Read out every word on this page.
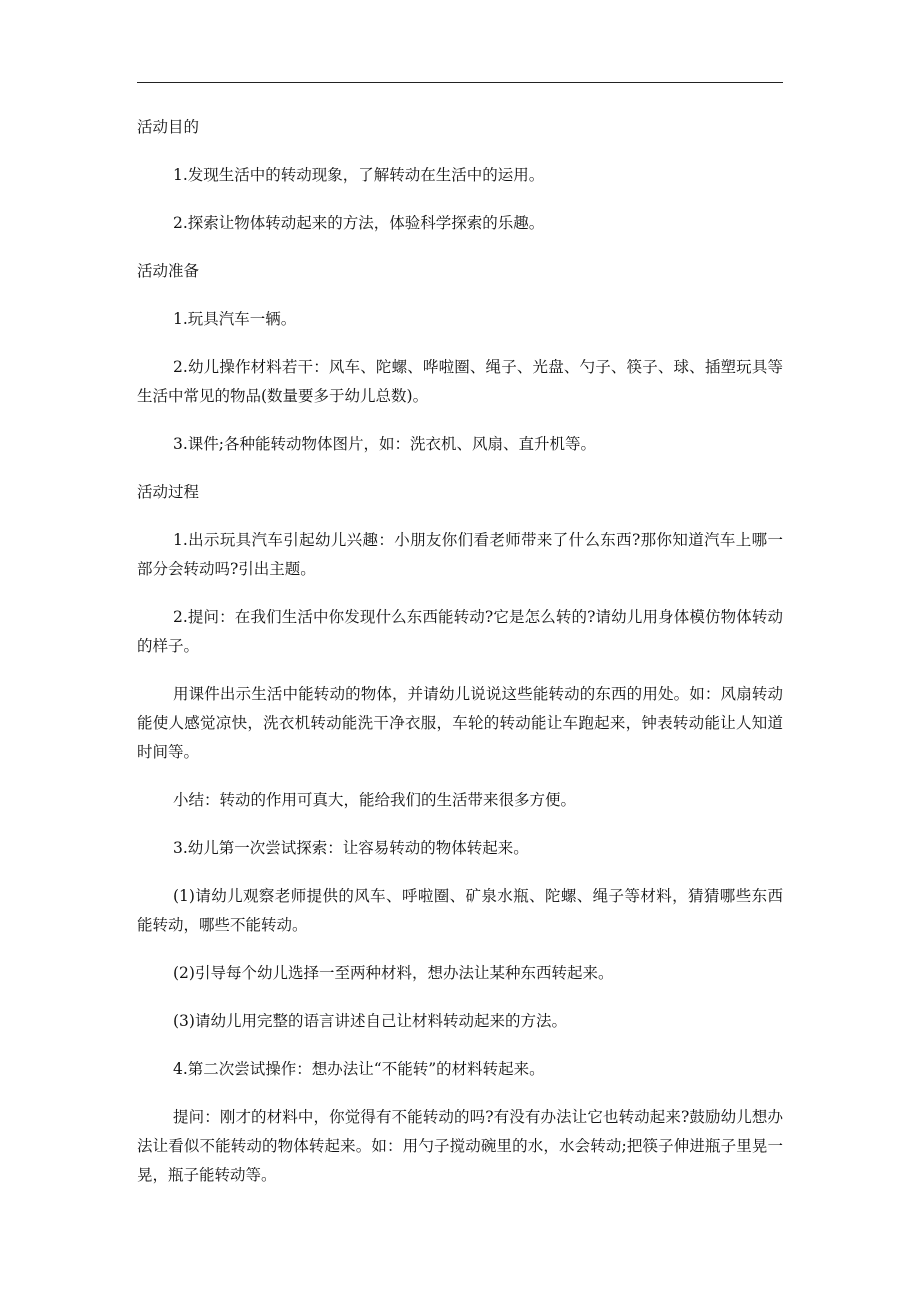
活动目的

1.发现生活中的转动现象，了解转动在生活中的运用。

2.探索让物体转动起来的方法，体验科学探索的乐趣。

活动准备

1.玩具汽车一辆。

2.幼儿操作材料若干：风车、陀螺、哗啦圈、绳子、光盘、勺子、筷子、球、插塑玩具等生活中常见的物品(数量要多于幼儿总数)。

3.课件;各种能转动物体图片，如：洗衣机、风扇、直升机等。

活动过程

1.出示玩具汽车引起幼儿兴趣：小朋友你们看老师带来了什么东西?那你知道汽车上哪一部分会转动吗?引出主题。

2.提问：在我们生活中你发现什么东西能转动?它是怎么转的?请幼儿用身体模仿物体转动的样子。

用课件出示生活中能转动的物体，并请幼儿说说这些能转动的东西的用处。如：风扇转动能使人感觉凉快，洗衣机转动能洗干净衣服，车轮的转动能让车跑起来，钟表转动能让人知道时间等。

小结：转动的作用可真大，能给我们的生活带来很多方便。

3.幼儿第一次尝试探索：让容易转动的物体转起来。

(1)请幼儿观察老师提供的风车、呼啦圈、矿泉水瓶、陀螺、绳子等材料，猜猜哪些东西能转动，哪些不能转动。

(2)引导每个幼儿选择一至两种材料，想办法让某种东西转起来。

(3)请幼儿用完整的语言讲述自己让材料转动起来的方法。

4.第二次尝试操作：想办法让“不能转”的材料转起来。

提问：刚才的材料中，你觉得有不能转动的吗?有没有办法让它也转动起来?鼓励幼儿想办法让看似不能转动的物体转起来。如：用勺子搅动碗里的水，水会转动;把筷子伸进瓶子里晃一晃，瓶子能转动等。
